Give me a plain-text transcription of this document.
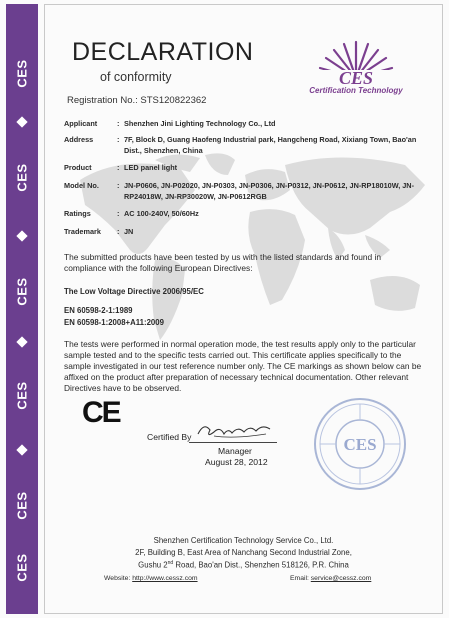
CES
CES
CES
CES
CES
CES
DECLARATION
of conformity
Registration No.: STS120822362
CES
Certification Technology
Applicant	: Shenzhen Jini Lighting Technology Co., Ltd
Address	: 7F, Block D, Guang Haofeng Industrial park, Hangcheng Road, Xixiang Town, Bao'an Dist., Shenzhen, China
Product	: LED panel light
Model No.	: JN-P0606, JN-P02020, JN-P0303, JN-P0306, JN-P0312, JN-P0612, JN-RP18010W, JN-RP24018W, JN-RP30020W, JN-P0612RGB
Ratings	: AC 100-240V, 50/60Hz
Trademark	: JN
The submitted products have been tested by us with the listed standards and found in compliance with the following European Directives:
The Low Voltage Directive 2006/95/EC
EN 60598-2-1:1989
EN 60598-1:2008+A11:2009
The tests were performed in normal operation mode, the test results apply only to the particular sample tested and to the specific tests carried out. This certificate applies specifically to the sample investigated in our test reference number only. The CE markings as shown below can be affixed on the product after preparation of necessary technical documentation. Other relevant Directives have to be observed.
CE
Certified By
Manager
August 28, 2012
CES
Shenzhen Certification Technology Service Co., Ltd.
2F, Building B, East Area of Nanchang Second Industrial Zone,
Gushu 2nd Road, Bao'an Dist., Shenzhen 518126, P.R. China
Website: http://www.cessz.com	Email: service@cessz.com
